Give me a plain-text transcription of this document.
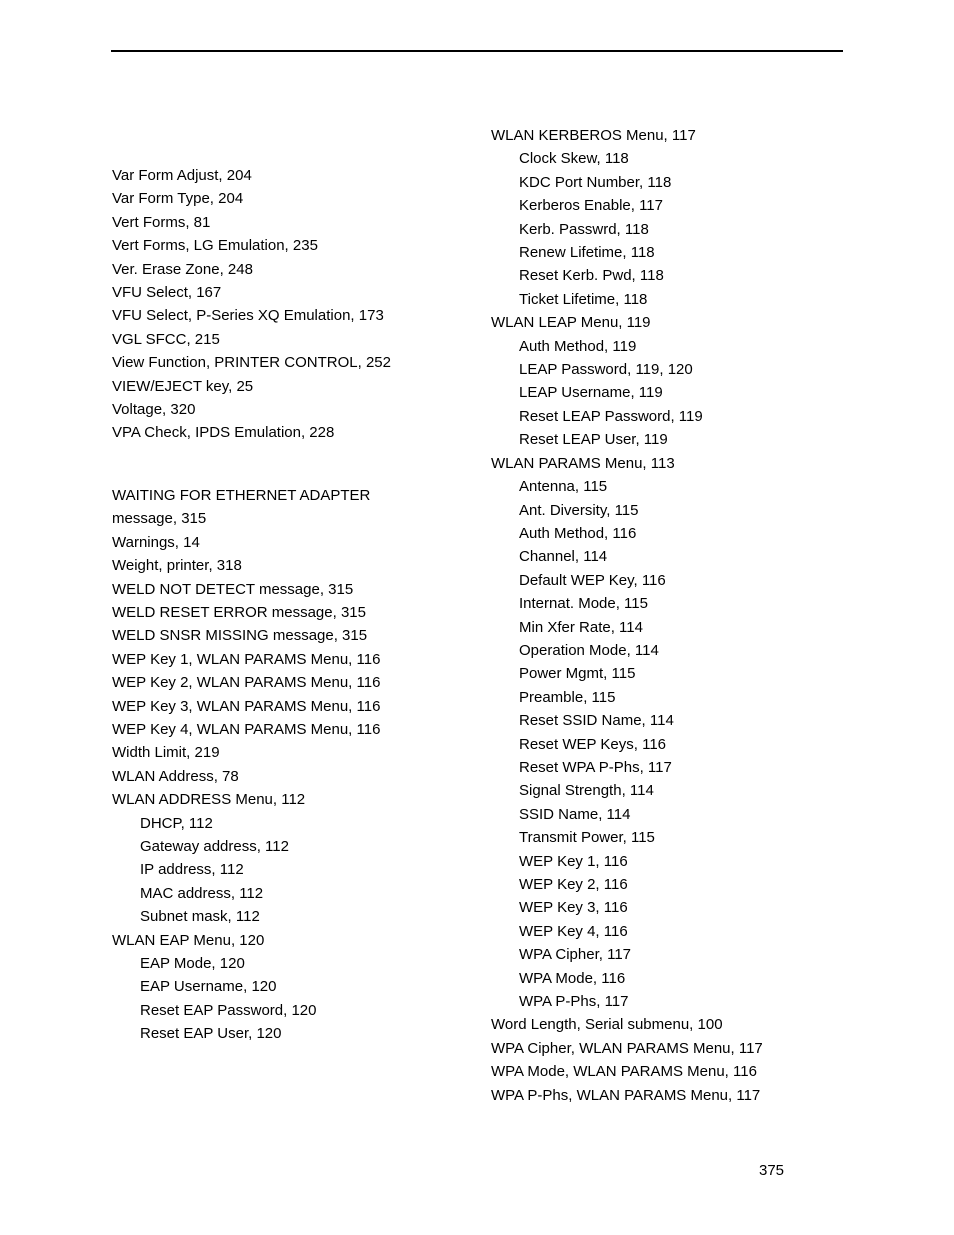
Var Form Adjust, 204
Var Form Type, 204
Vert Forms, 81
Vert Forms, LG Emulation, 235
Ver. Erase Zone, 248
VFU Select, 167
VFU Select, P-Series XQ Emulation, 173
VGL SFCC, 215
View Function, PRINTER CONTROL, 252
VIEW/EJECT key, 25
Voltage, 320
VPA Check, IPDS Emulation, 228
WAITING FOR ETHERNET ADAPTER
message, 315
Warnings, 14
Weight, printer, 318
WELD NOT DETECT message, 315
WELD RESET ERROR message, 315
WELD SNSR MISSING message, 315
WEP Key 1, WLAN PARAMS Menu, 116
WEP Key 2, WLAN PARAMS Menu, 116
WEP Key 3, WLAN PARAMS Menu, 116
WEP Key 4, WLAN PARAMS Menu, 116
Width Limit, 219
WLAN Address, 78
WLAN ADDRESS Menu, 112
DHCP, 112
Gateway address, 112
IP address, 112
MAC address, 112
Subnet mask, 112
WLAN EAP Menu, 120
EAP Mode, 120
EAP Username, 120
Reset EAP Password, 120
Reset EAP User, 120
WLAN KERBEROS Menu, 117
Clock Skew, 118
KDC Port Number, 118
Kerberos Enable, 117
Kerb. Passwrd, 118
Renew Lifetime, 118
Reset Kerb. Pwd, 118
Ticket Lifetime, 118
WLAN LEAP Menu, 119
Auth Method, 119
LEAP Password, 119, 120
LEAP Username, 119
Reset LEAP Password, 119
Reset LEAP User, 119
WLAN PARAMS Menu, 113
Antenna, 115
Ant. Diversity, 115
Auth Method, 116
Channel, 114
Default WEP Key, 116
Internat. Mode, 115
Min Xfer Rate, 114
Operation Mode, 114
Power Mgmt, 115
Preamble, 115
Reset SSID Name, 114
Reset WEP Keys, 116
Reset WPA P-Phs, 117
Signal Strength, 114
SSID Name, 114
Transmit Power, 115
WEP Key 1, 116
WEP Key 2, 116
WEP Key 3, 116
WEP Key 4, 116
WPA Cipher, 117
WPA Mode, 116
WPA P-Phs, 117
Word Length, Serial submenu, 100
WPA Cipher, WLAN PARAMS Menu, 117
WPA Mode, WLAN PARAMS Menu, 116
WPA P-Phs, WLAN PARAMS Menu, 117
375
